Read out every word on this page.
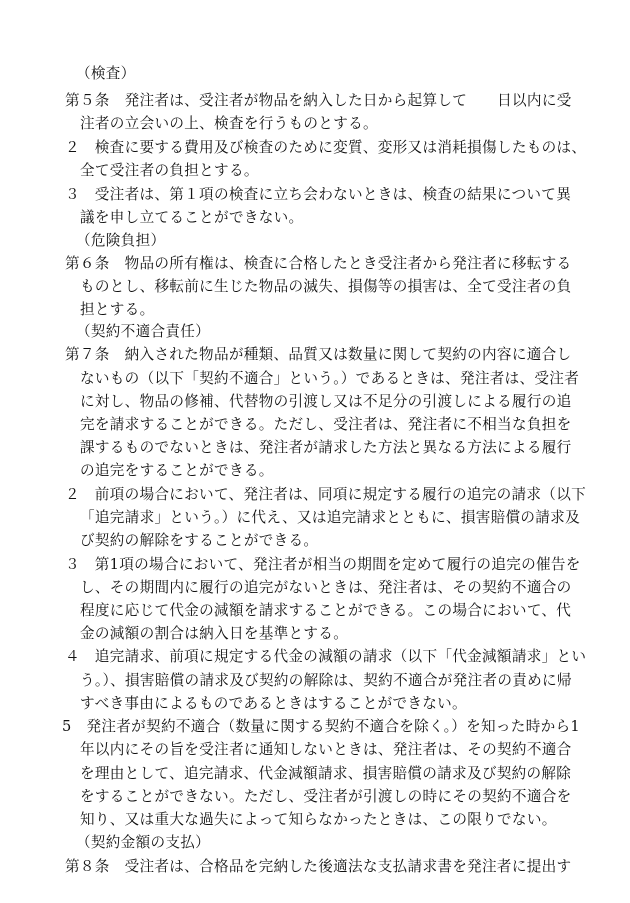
（検査）
第５条　発注者は、受注者が物品を納入した日から起算して 日以内に受
注者の立会いの上、検査を行うものとする。
２　検査に要する費用及び検査のために変質、変形又は消耗損傷したものは、
全て受注者の負担とする。
３　受注者は、第１項の検査に立ち会わないときは、検査の結果について異
議を申し立てることができない。
（危険負担）
第６条　物品の所有権は、検査に合格したとき受注者から発注者に移転する
ものとし、移転前に生じた物品の滅失、損傷等の損害は、全て受注者の負
担とする。
（契約不適合責任）
第７条　納入された物品が種類、品質又は数量に関して契約の内容に適合し
ないもの（以下「契約不適合」という。）であるときは、発注者は、受注者
に対し、物品の修補、代替物の引渡し又は不足分の引渡しによる履行の追
完を請求することができる。ただし、受注者は、発注者に不相当な負担を
課するものでないときは、発注者が請求した方法と異なる方法による履行
の追完をすることができる。
２　前項の場合において、発注者は、同項に規定する履行の追完の請求（以下
「追完請求」という。）に代え、又は追完請求とともに、損害賠償の請求及
び契約の解除をすることができる。
３　第1項の場合において、発注者が相当の期間を定めて履行の追完の催告を
し、その期間内に履行の追完がないときは、発注者は、その契約不適合の
程度に応じて代金の減額を請求することができる。この場合において、代
金の減額の割合は納入日を基準とする。
４　追完請求、前項に規定する代金の減額の請求（以下「代金減額請求」とい
う。）、損害賠償の請求及び契約の解除は、契約不適合が発注者の責めに帰
すべき事由によるものであるときはすることができない。
5　発注者が契約不適合（数量に関する契約不適合を除く。）を知った時から1
年以内にその旨を受注者に通知しないときは、発注者は、その契約不適合
を理由として、追完請求、代金減額請求、損害賠償の請求及び契約の解除
をすることができない。ただし、受注者が引渡しの時にその契約不適合を
知り、又は重大な過失によって知らなかったときは、この限りでない。
（契約金額の支払）
第８条　受注者は、合格品を完納した後適法な支払請求書を発注者に提出す
